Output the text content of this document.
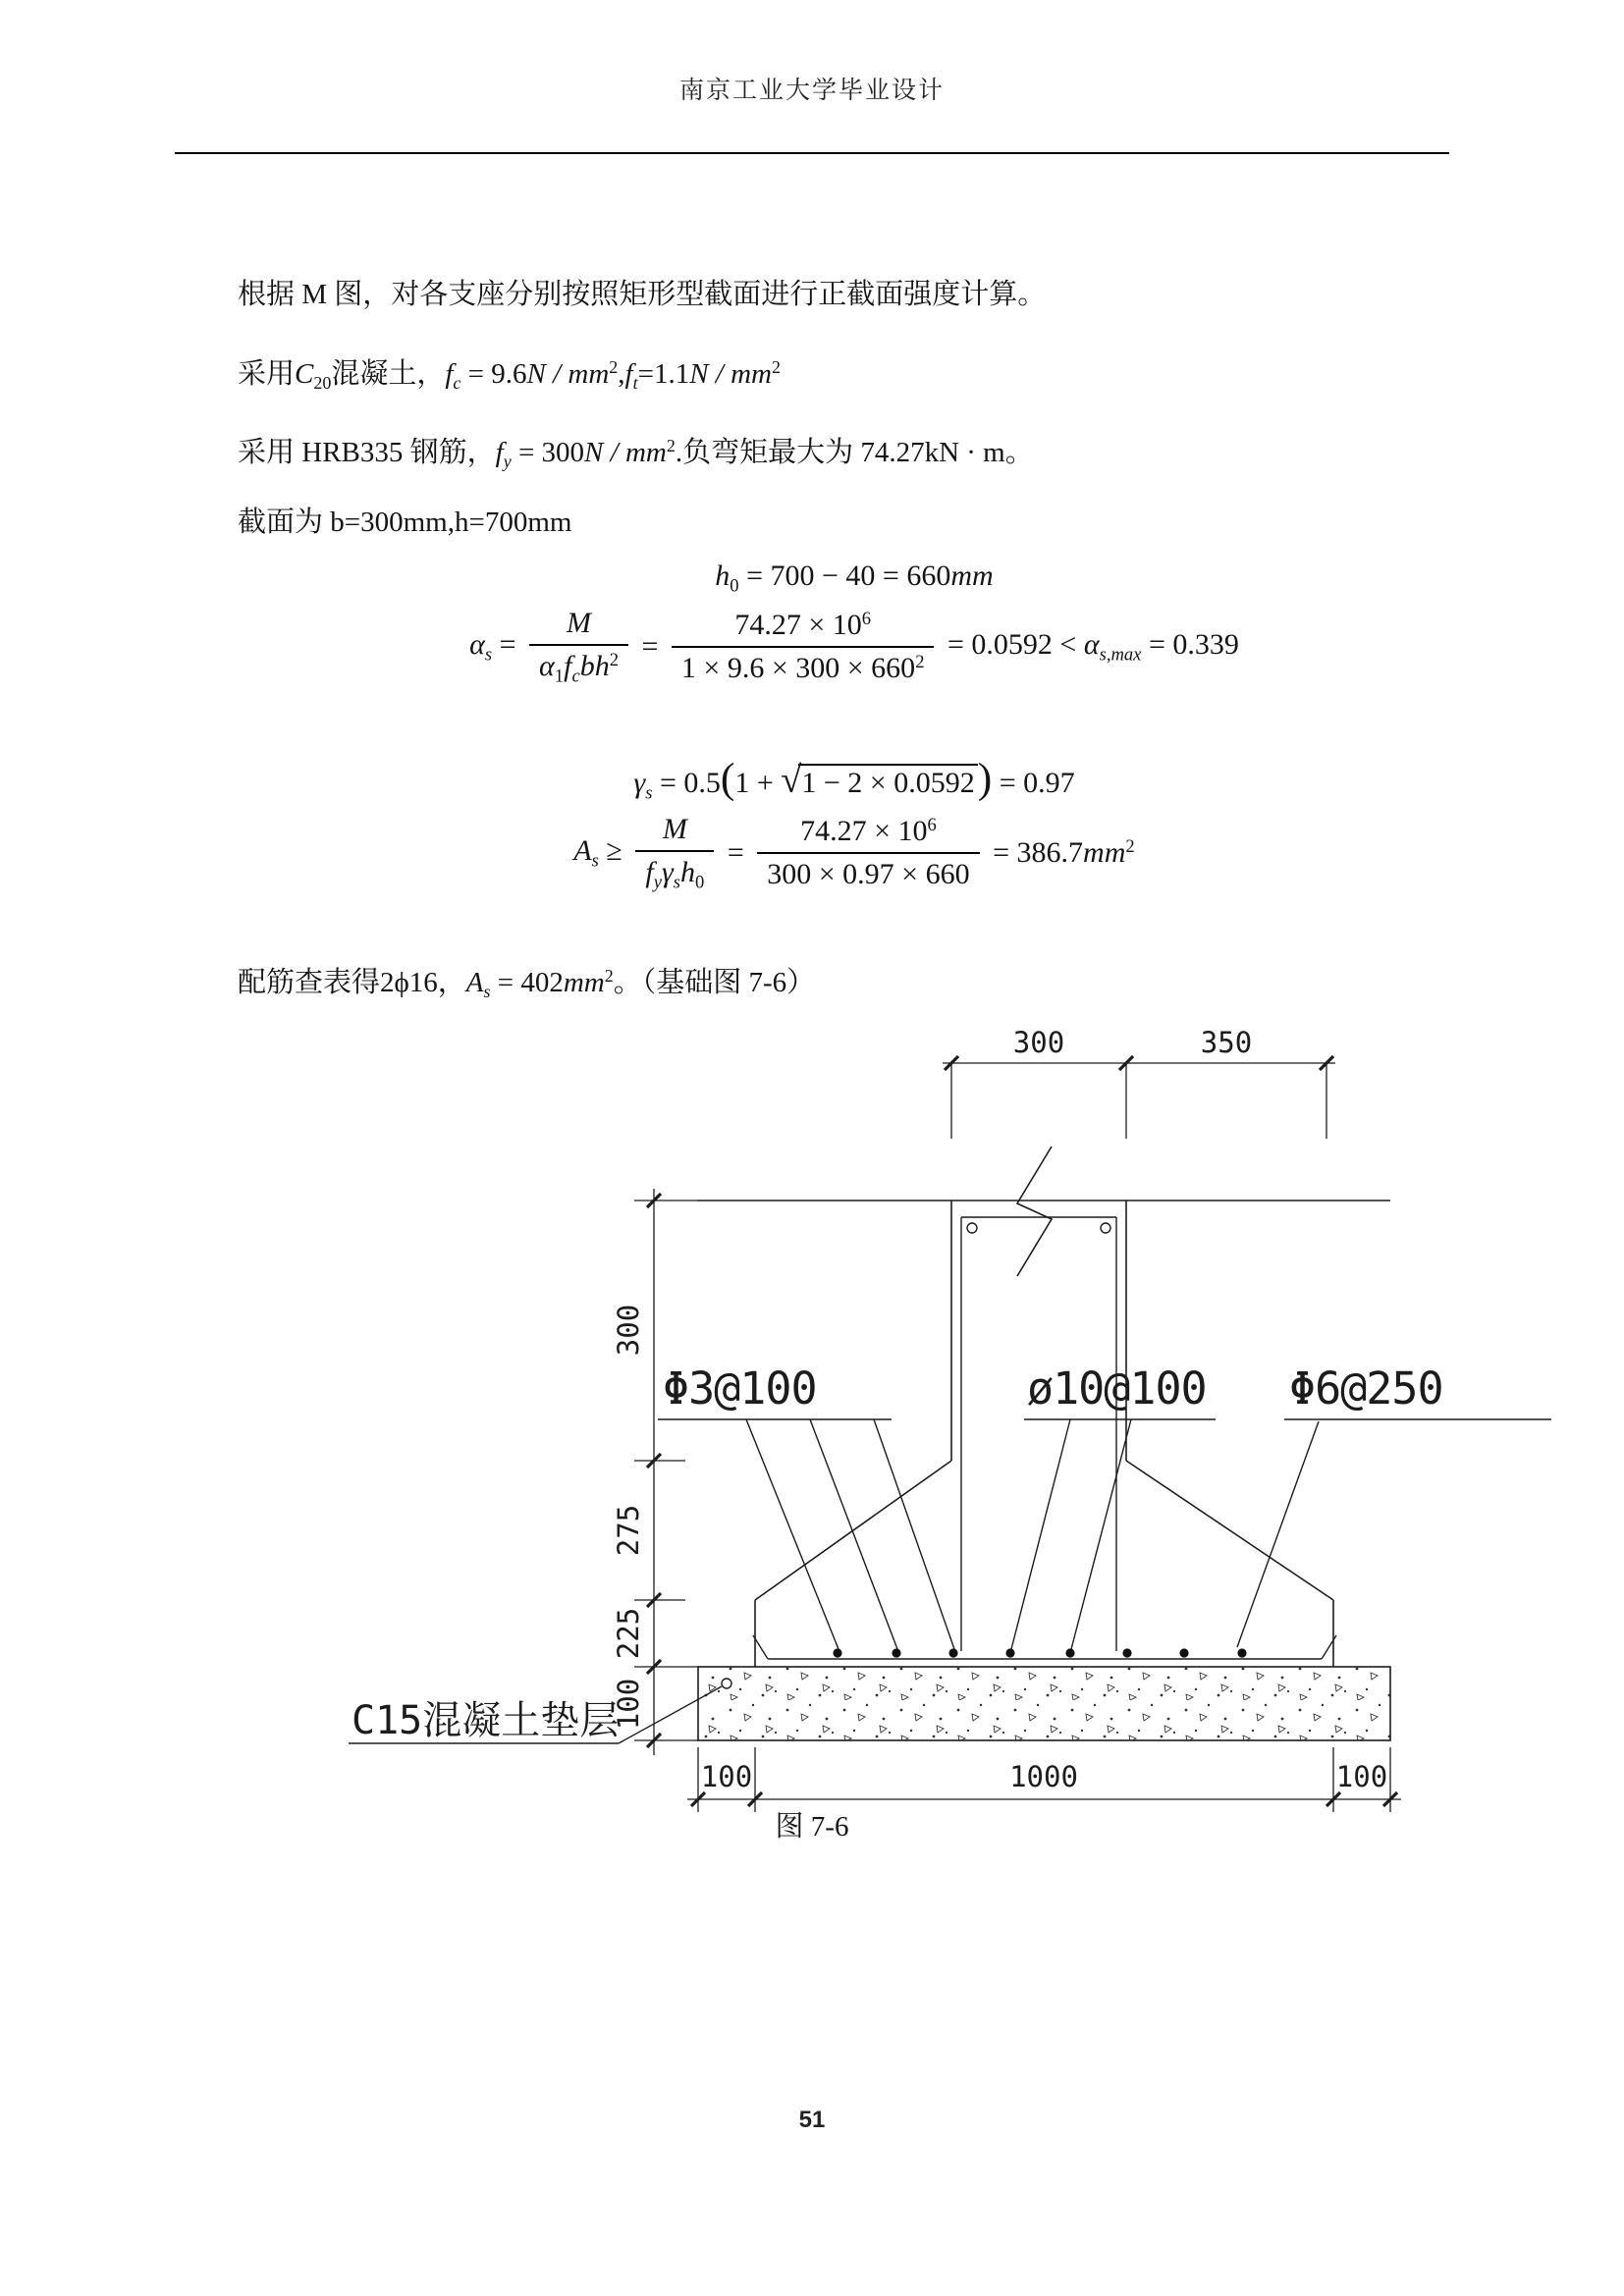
南京工业大学毕业设计
根据 M 图，对各支座分别按照矩形型截面进行正截面强度计算。
采用$C_{20}$混凝土，$f_c = 9.6N / mm^2,f_t=1.1N / mm^2$
采用 HRB335 钢筋，$f_y = 300N / mm^2$.负弯矩最大为 74.27kN · m。
截面为 b=300mm,h=700mm
$h_0 = 700 - 40 = 660mm$
$\alpha_s = \frac{M}{\alpha_1f_cbh^2} = \frac{74.27 \times 10^6}{1 \times 9.6 \times 300 \times 660^2} = 0.0592 < \alpha_{s,max} = 0.339$
$\gamma_s = 0.5(1 + √1 - 2 \times 0.0592) = 0.97$
$A_s \ge \frac{M}{f_y\gamma_sh_0} = \frac{74.27 \times 10^6}{300 \times 0.97 \times 660} = 386.7mm^2$
配筋查表得2ϕ16，$A_s = 402mm^2$。（基础图 7-6）
300	350
300
275
225
100
100	1000	100
Φ3@100	ø10@100 Φ6@250
C15混凝土垫层
图 7-6
51
